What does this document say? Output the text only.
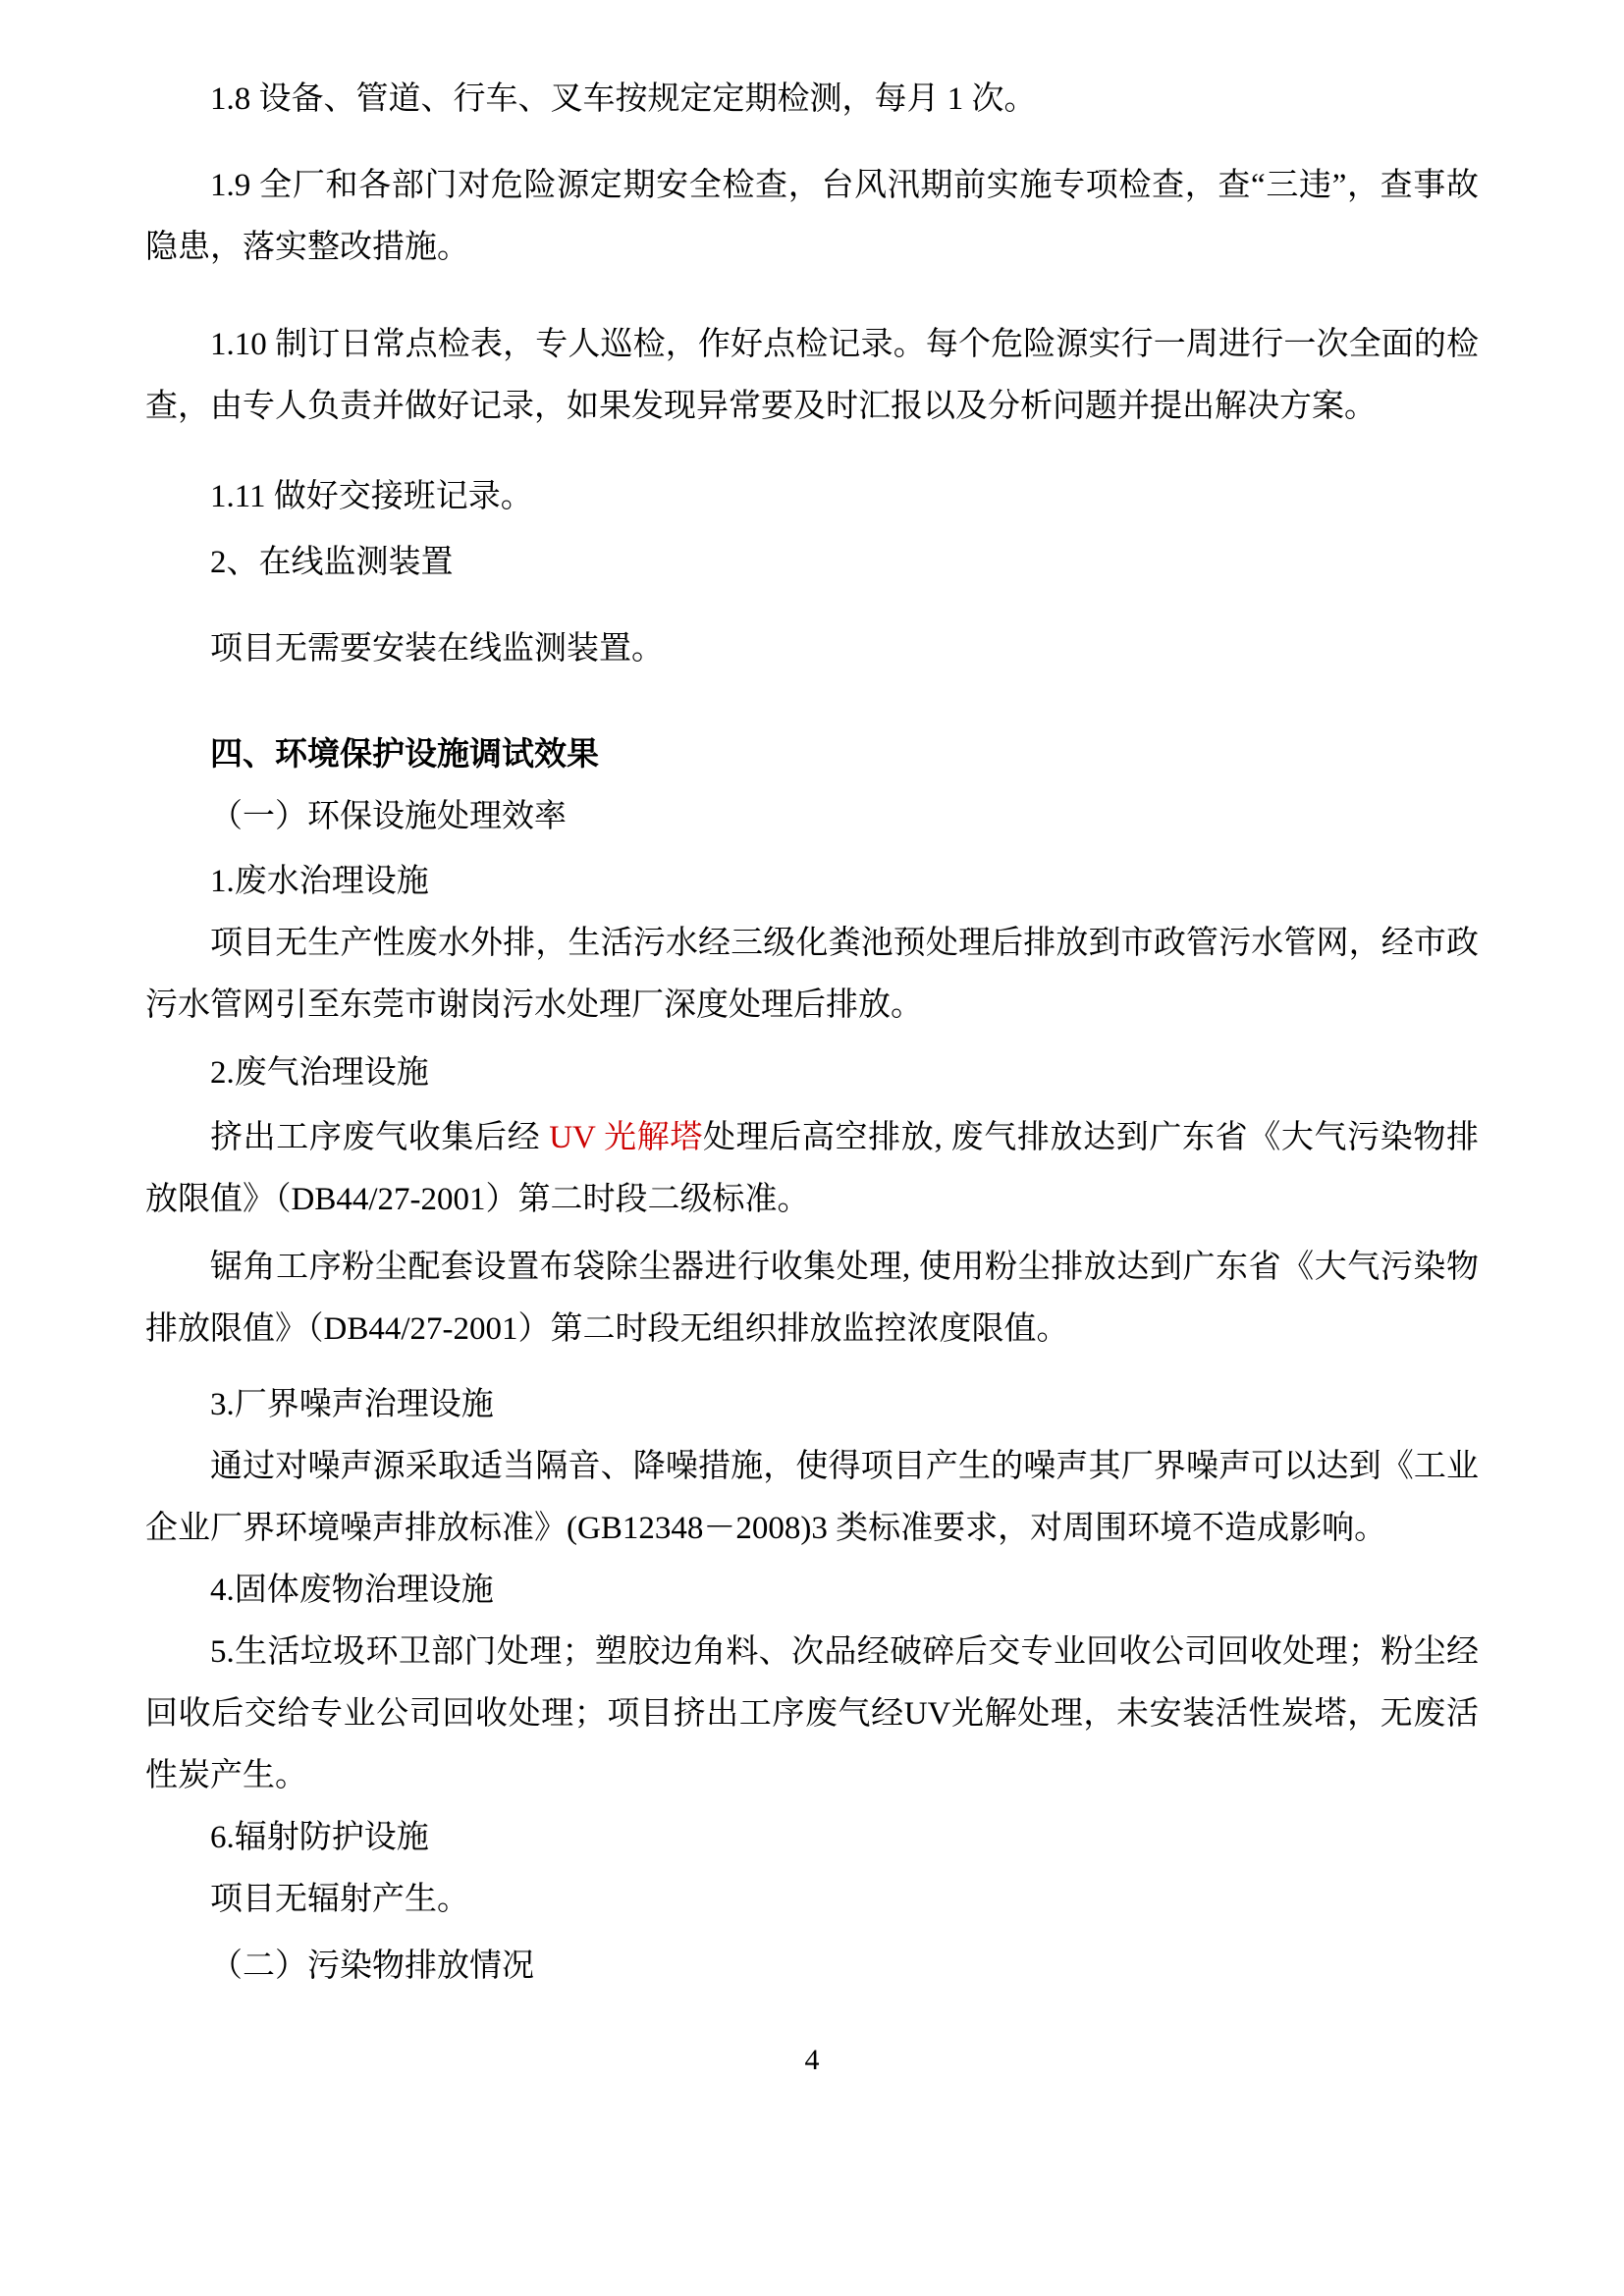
1.8 设备、管道、行车、叉车按规定定期检测，每月 1 次。

1.9 全厂和各部门对危险源定期安全检查，台风汛期前实施专项检查，查“三违”，查事故隐患，落实整改措施。

1.10 制订日常点检表，专人巡检，作好点检记录。每个危险源实行一周进行一次全面的检查，由专人负责并做好记录，如果发现异常要及时汇报以及分析问题并提出解决方案。

1.11 做好交接班记录。

2、在线监测装置

项目无需要安装在线监测装置。

四、环境保护设施调试效果

（一）环保设施处理效率

1.废水治理设施

项目无生产性废水外排，生活污水经三级化粪池预处理后排放到市政管污水管网，经市政污水管网引至东莞市谢岗污水处理厂深度处理后排放。

2.废气治理设施

挤出工序废气收集后经 UV 光解塔处理后高空排放, 废气排放达到广东省《大气污染物排放限值》（DB44/27-2001）第二时段二级标准。

锯角工序粉尘配套设置布袋除尘器进行收集处理, 使用粉尘排放达到广东省《大气污染物排放限值》（DB44/27-2001）第二时段无组织排放监控浓度限值。

3.厂界噪声治理设施

通过对噪声源采取适当隔音、降噪措施，使得项目产生的噪声其厂界噪声可以达到《工业企业厂界环境噪声排放标准》(GB12348－2008)3 类标准要求，对周围环境不造成影响。

4.固体废物治理设施

5.生活垃圾环卫部门处理；塑胶边角料、次品经破碎后交专业回收公司回收处理；粉尘经回收后交给专业公司回收处理；项目挤出工序废气经UV光解处理，未安装活性炭塔，无废活性炭产生。

6.辐射防护设施

项目无辐射产生。

（二）污染物排放情况

4
